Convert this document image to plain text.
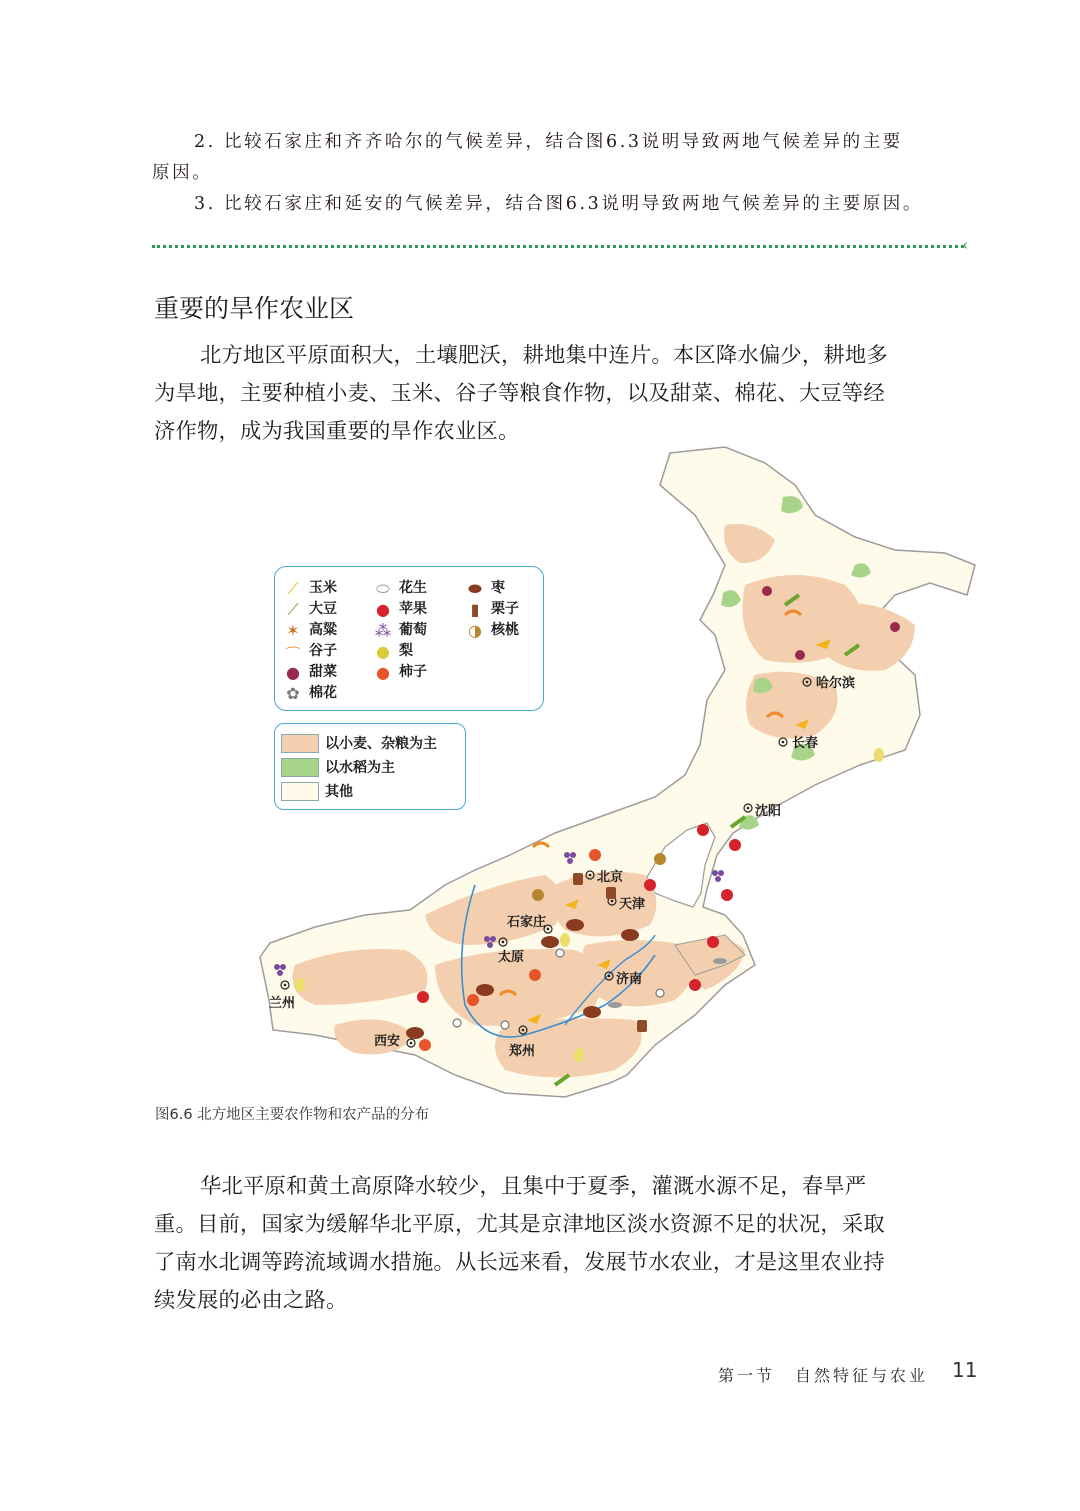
2. 比较石家庄和齐齐哈尔的气候差异，结合图6.3说明导致两地气候差异的主要
原因。
3. 比较石家庄和延安的气候差异，结合图6.3说明导致两地气候差异的主要原因。
‹
重要的旱作农业区
北方地区平原面积大，土壤肥沃，耕地集中连片。本区降水偏少，耕地多
为旱地，主要种植小麦、玉米、谷子等粮食作物，以及甜菜、棉花、大豆等经
济作物，成为我国重要的旱作农业区。
哈尔滨
长春
沈阳
北京
天津
石家庄
太原
济南
兰州
西安
郑州
⟋ 玉米
⟋ 大豆
✶ 高粱
⌒ 谷子
● 甜菜
✿ 棉花
⬭ 花生
● 苹果
⁂ 葡萄
● 梨
● 柿子
⬬ 枣
▮ 栗子
◑ 核桃
以小麦、杂粮为主
以水稻为主
其他
图6.6 北方地区主要农作物和农产品的分布
华北平原和黄土高原降水较少，且集中于夏季，灌溉水源不足，春旱严
重。目前，国家为缓解华北平原，尤其是京津地区淡水资源不足的状况，采取
了南水北调等跨流域调水措施。从长远来看，发展节水农业，才是这里农业持
续发展的必由之路。
第一节 自然特征与农业 11
